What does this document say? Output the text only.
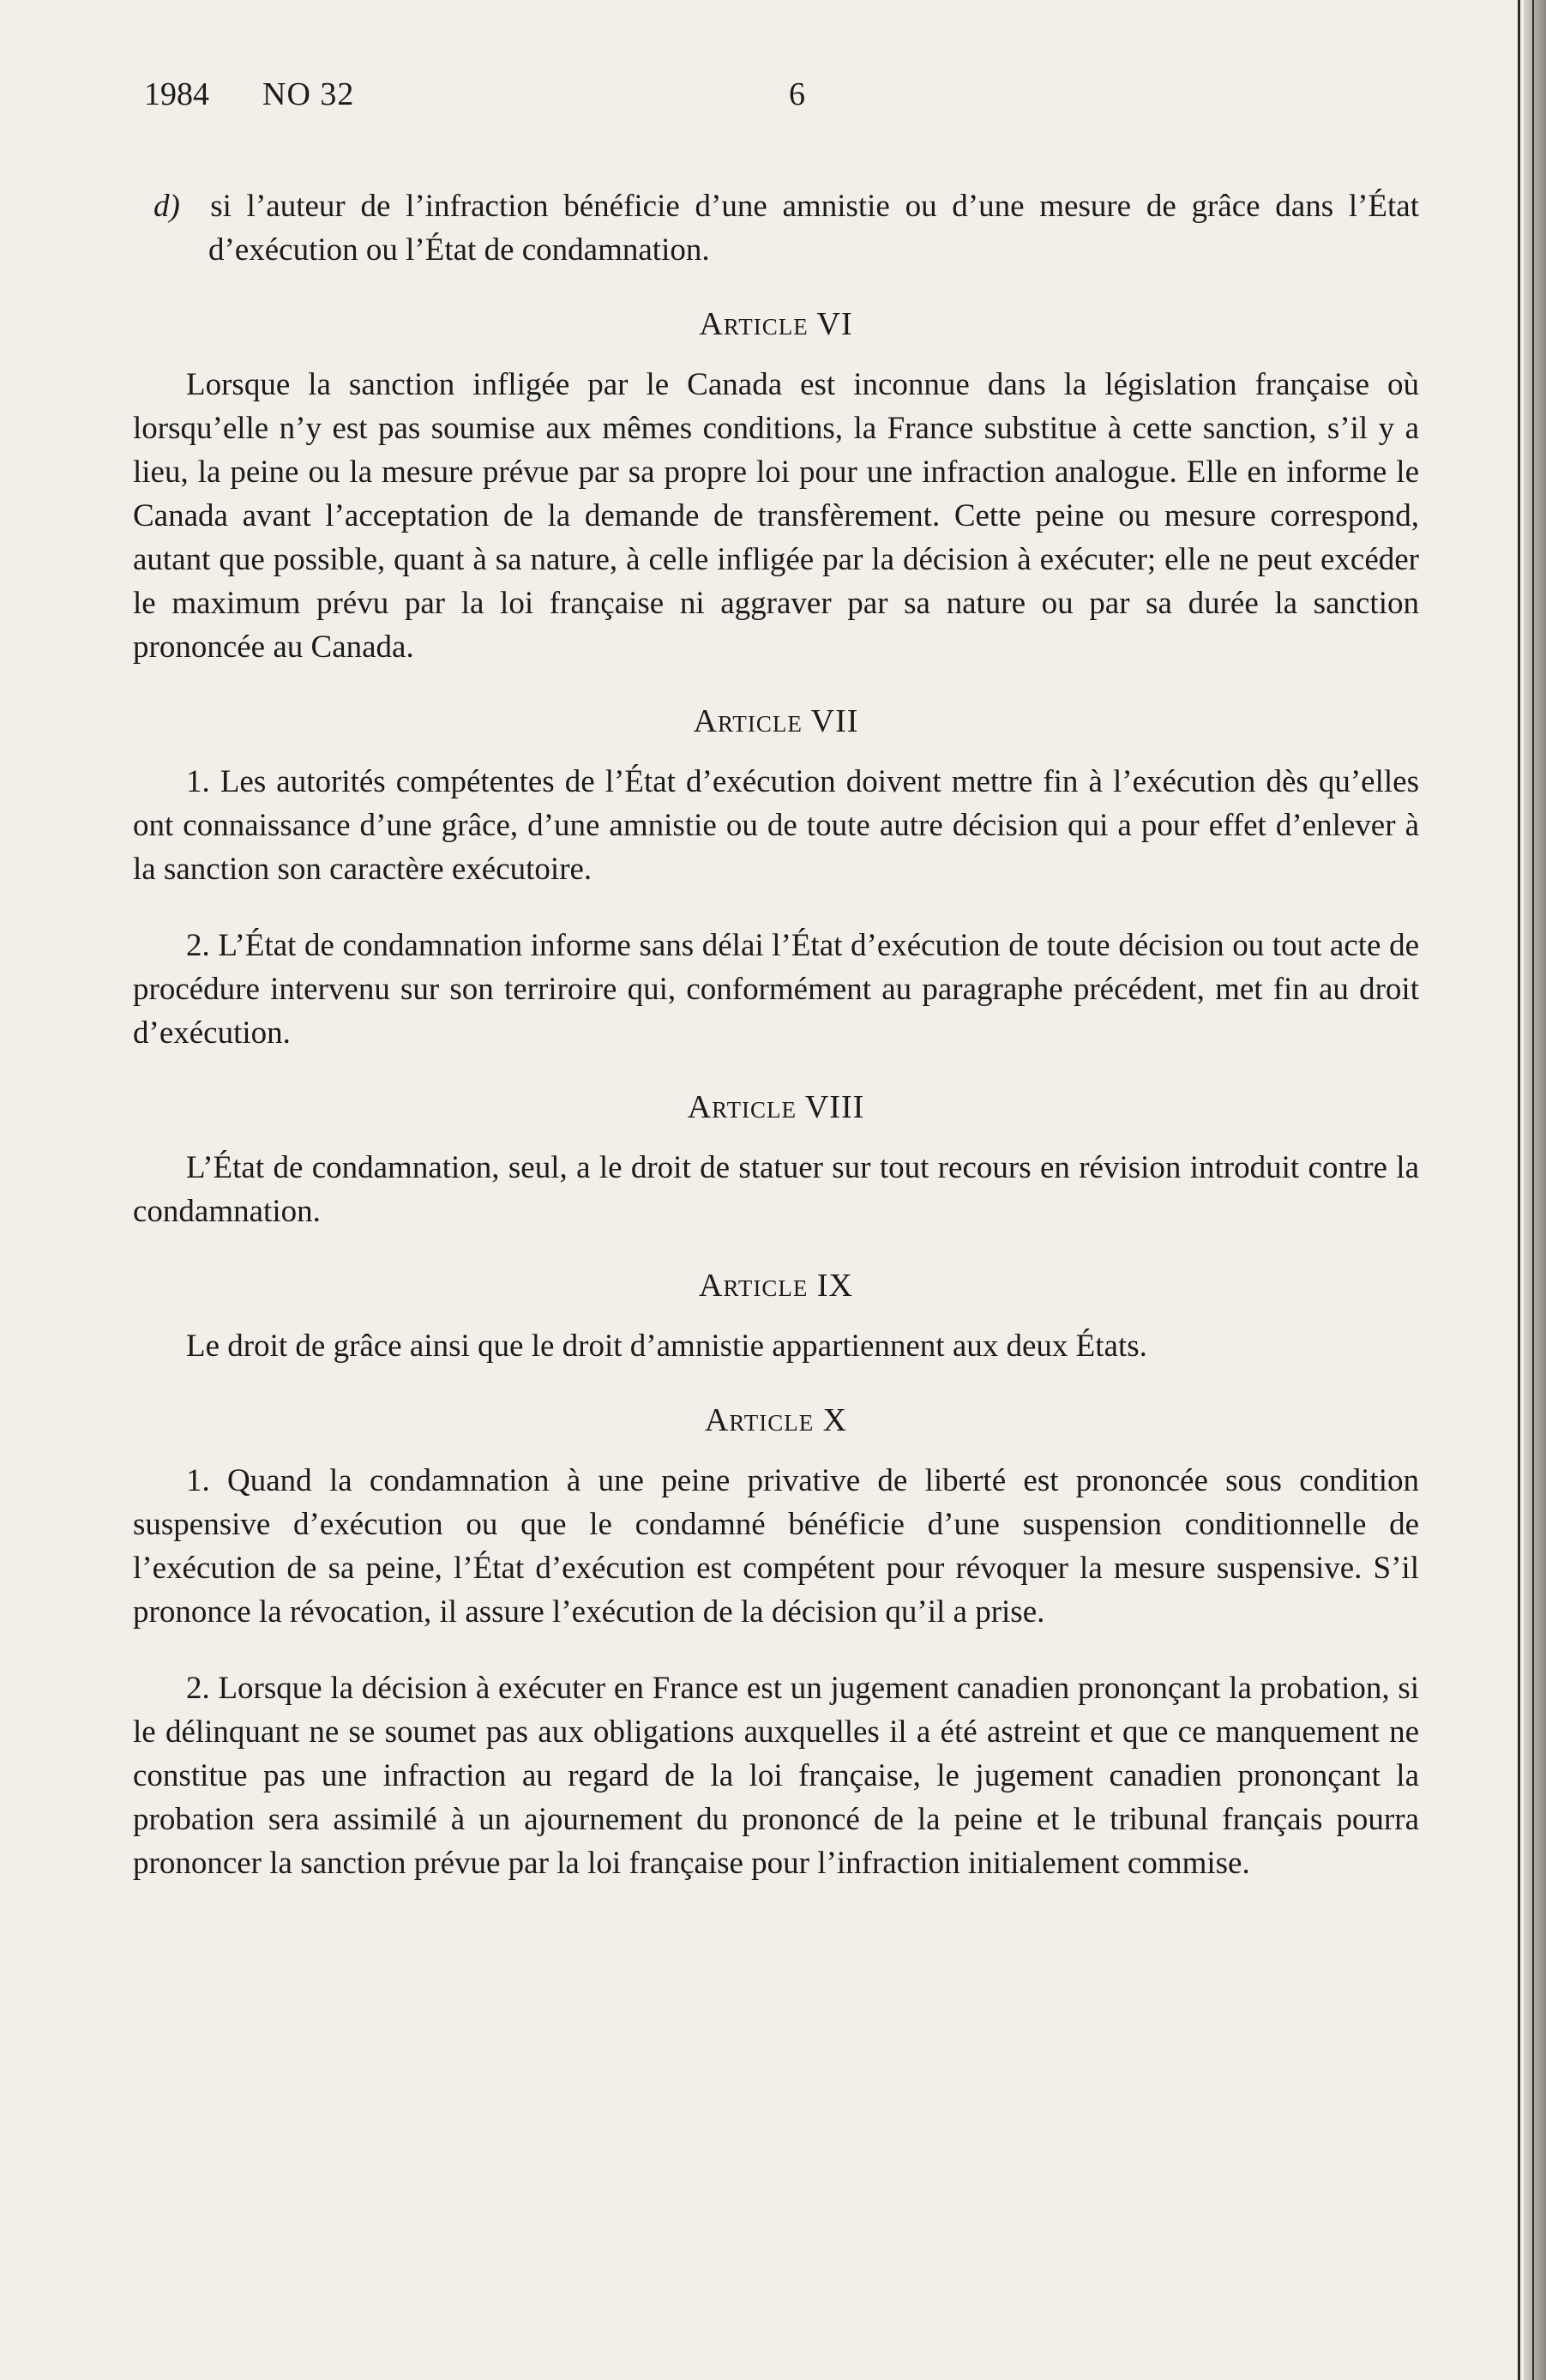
1984 NO 32	6

d) si l’auteur de l’infraction bénéficie d’une amnistie ou d’une mesure de grâce dans l’État d’exécution ou l’État de condamnation.

Article VI

Lorsque la sanction infligée par le Canada est inconnue dans la législation française où lorsqu’elle n’y est pas soumise aux mêmes conditions, la France substitue à cette sanction, s’il y a lieu, la peine ou la mesure prévue par sa propre loi pour une infraction analogue. Elle en informe le Canada avant l’acceptation de la demande de transfèrement. Cette peine ou mesure correspond, autant que possible, quant à sa nature, à celle infligée par la décision à exécuter; elle ne peut excéder le maximum prévu par la loi française ni aggraver par sa nature ou par sa durée la sanction prononcée au Canada.

Article VII

1. Les autorités compétentes de l’État d’exécution doivent mettre fin à l’exécution dès qu’elles ont connaissance d’une grâce, d’une amnistie ou de toute autre décision qui a pour effet d’enlever à la sanction son caractère exécutoire.

2. L’État de condamnation informe sans délai l’État d’exécution de toute décision ou tout acte de procédure intervenu sur son terriroire qui, conformément au paragraphe précédent, met fin au droit d’exécution.

Article VIII

L’État de condamnation, seul, a le droit de statuer sur tout recours en révision introduit contre la condamnation.

Article IX

Le droit de grâce ainsi que le droit d’amnistie appartiennent aux deux États.

Article X

1. Quand la condamnation à une peine privative de liberté est prononcée sous condition suspensive d’exécution ou que le condamné bénéficie d’une suspension conditionnelle de l’exécution de sa peine, l’État d’exécution est compétent pour révoquer la mesure suspensive. S’il prononce la révocation, il assure l’exécution de la décision qu’il a prise.

2. Lorsque la décision à exécuter en France est un jugement canadien prononçant la probation, si le délinquant ne se soumet pas aux obligations auxquelles il a été astreint et que ce manquement ne constitue pas une infraction au regard de la loi française, le jugement canadien prononçant la probation sera assimilé à un ajournement du prononcé de la peine et le tribunal français pourra prononcer la sanction prévue par la loi française pour l’infraction initialement commise.
